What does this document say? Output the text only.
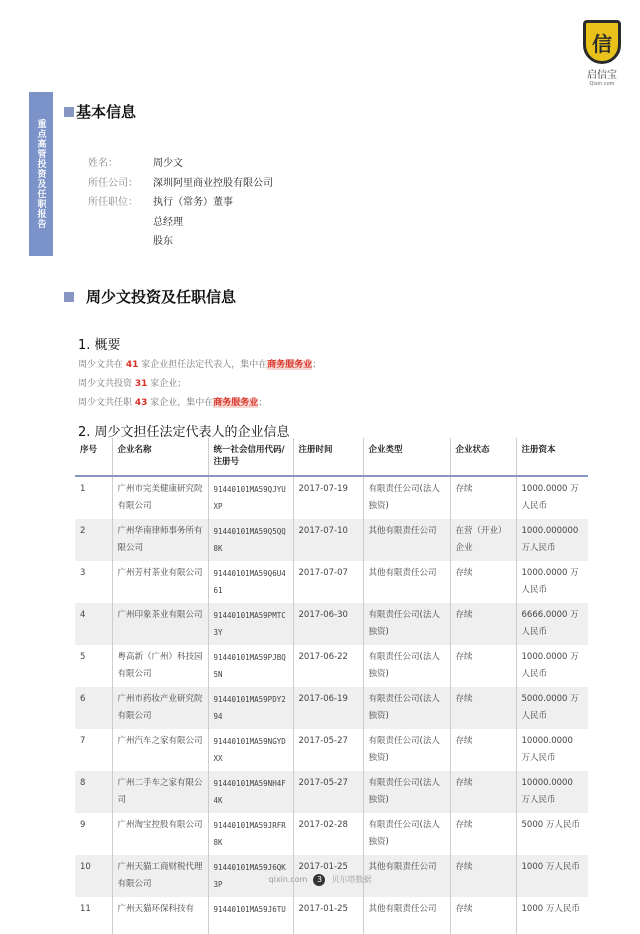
信
启信宝
Qixin.com
重点高管投资及任职报告
基本信息
姓名：	周少文
所任公司：	深圳阿里商业控股有限公司
所任职位：	执行（常务）董事
总经理
股东
周少文投资及任职信息
1. 概要
周少文共在 41 家企业担任法定代表人，集中在商务服务业；
周少文共投资 31 家企业；
周少文共任职 43 家企业，集中在商务服务业；
2. 周少文担任法定代表人的企业信息
序号	企业名称	统一社会信用代码/注册号	注册时间	企业类型	企业状态	注册资本
1	广州市完美健康研究院有限公司	91440101MA59QJYUXP	2017-07-19	有限责任公司(法人独资)	存续	1000.0000 万人民币
2	广州华南律师事务所有限公司	91440101MA59Q5QQ8K	2017-07-10	其他有限责任公司	在营（开业）企业	1000.000000 万人民币
3	广州芳村茶业有限公司	91440101MA59Q6U461	2017-07-07	其他有限责任公司	存续	1000.0000 万人民币
4	广州印象茶业有限公司	91440101MA59PMTC3Y	2017-06-30	有限责任公司(法人独资)	存续	6666.0000 万人民币
5	粤高新（广州）科技园有限公司	91440101MA59PJBQ5N	2017-06-22	有限责任公司(法人独资)	存续	1000.0000 万人民币
6	广州市药妆产业研究院有限公司	91440101MA59PDY294	2017-06-19	有限责任公司(法人独资)	存续	5000.0000 万人民币
7	广州汽车之家有限公司	91440101MA59NGYDXX	2017-05-27	有限责任公司(法人独资)	存续	10000.0000 万人民币
8	广州二手车之家有限公司	91440101MA59NH4F4K	2017-05-27	有限责任公司(法人独资)	存续	10000.0000 万人民币
9	广州淘宝控股有限公司	91440101MA59JRFR8K	2017-02-28	有限责任公司(法人独资)	存续	5000 万人民币
10	广州天猫工商财税代理有限公司	91440101MA59J6QK3P	2017-01-25	其他有限责任公司	存续	1000 万人民币
11	广州天猫环保科技有	91440101MA59J6TU	2017-01-25	其他有限责任公司	存续	1000 万人民币
qixin.com 3 贝尔塔数据
